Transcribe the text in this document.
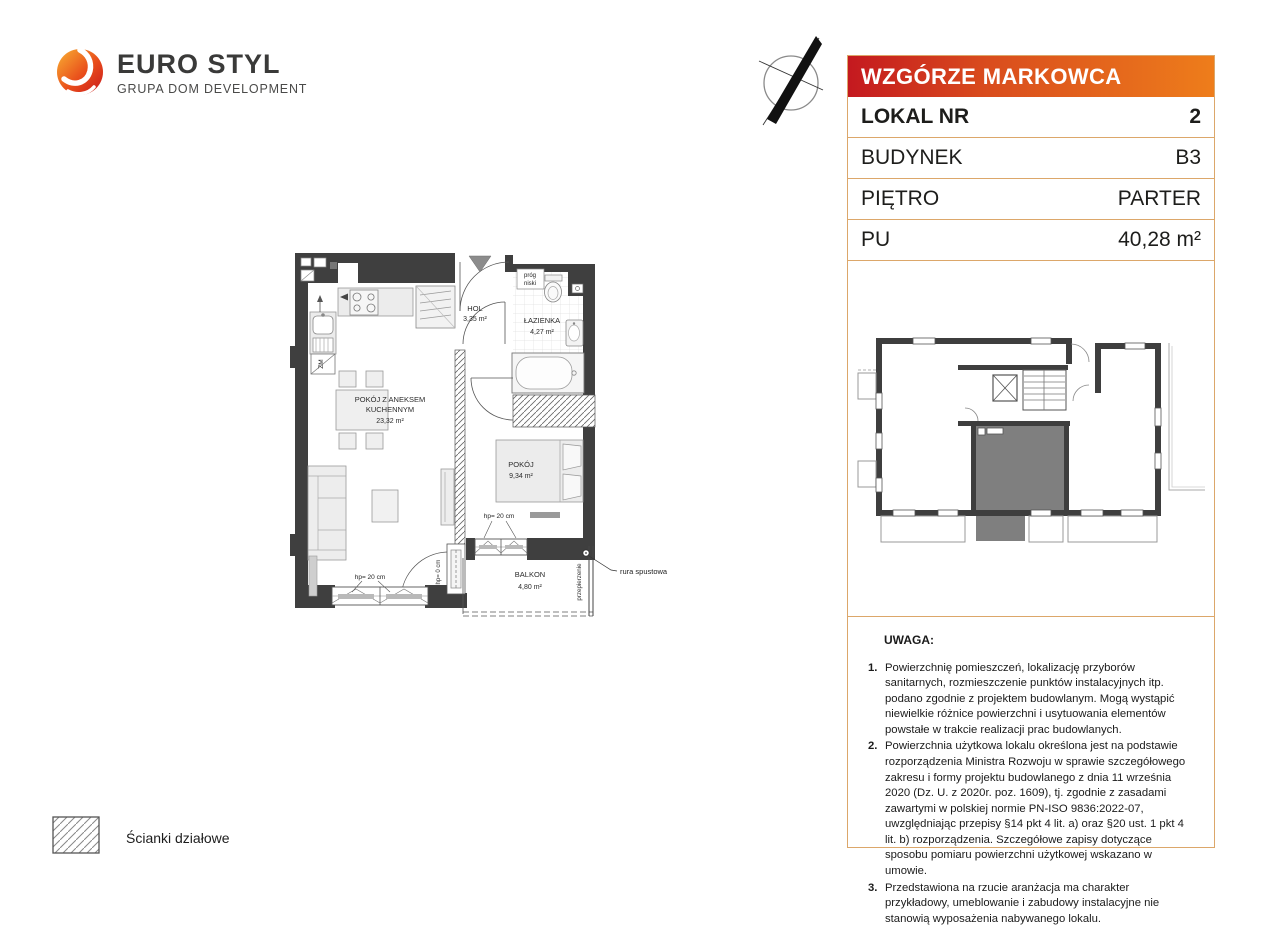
EURO STYL
GRUPA DOM DEVELOPMENT
WZGÓRZE MARKOWCA
LOKAL NR	2
BUDYNEK	B3
PIĘTRO	PARTER
PU	40,28 m²

UWAGA:

1. Powierzchnię pomieszczeń, lokalizację przyborów sanitarnych, rozmieszczenie punktów instalacyjnych itp. podano zgodnie z projektem budowlanym. Mogą wystąpić niewielkie różnice powierzchni i usytuowania elementów powstałe w trakcie realizacji prac budowlanych.
2. Powierzchnia użytkowa lokalu określona jest na podstawie rozporządzenia Ministra Rozwoju w sprawie szczegółowego zakresu i formy projektu budowlanego z dnia 11 września 2020 (Dz. U. z 2020r. poz. 1609), tj. zgodnie z zasadami zawartymi w polskiej normie PN-ISO 9836:2022-07, uwzględniając przepisy §14 pkt 4 lit. a) oraz §20 ust. 1 pkt 4 lit. b) rozporządzenia. Szczegółowe zapisy dotyczące sposobu pomiaru powierzchni użytkowej wskazano w umowie.
3. Przedstawiona na rzucie aranżacja ma charakter przykładowy, umeblowanie i zabudowy instalacyjne nie stanowią wyposażenia nabywanego lokalu.
ZM
rura spustowa
przepierzenie
hp= 0 cm
hp= 20 cm
hp= 20 cm
próg
niski
POKÓJ Z ANEKSEM
KUCHENNYM
23,32 m²
HOL
3,35 m²	ŁAZIENKA
4,27 m²
POKÓJ
9,34 m²
BALKON
4,80 m²
Ścianki działowe
